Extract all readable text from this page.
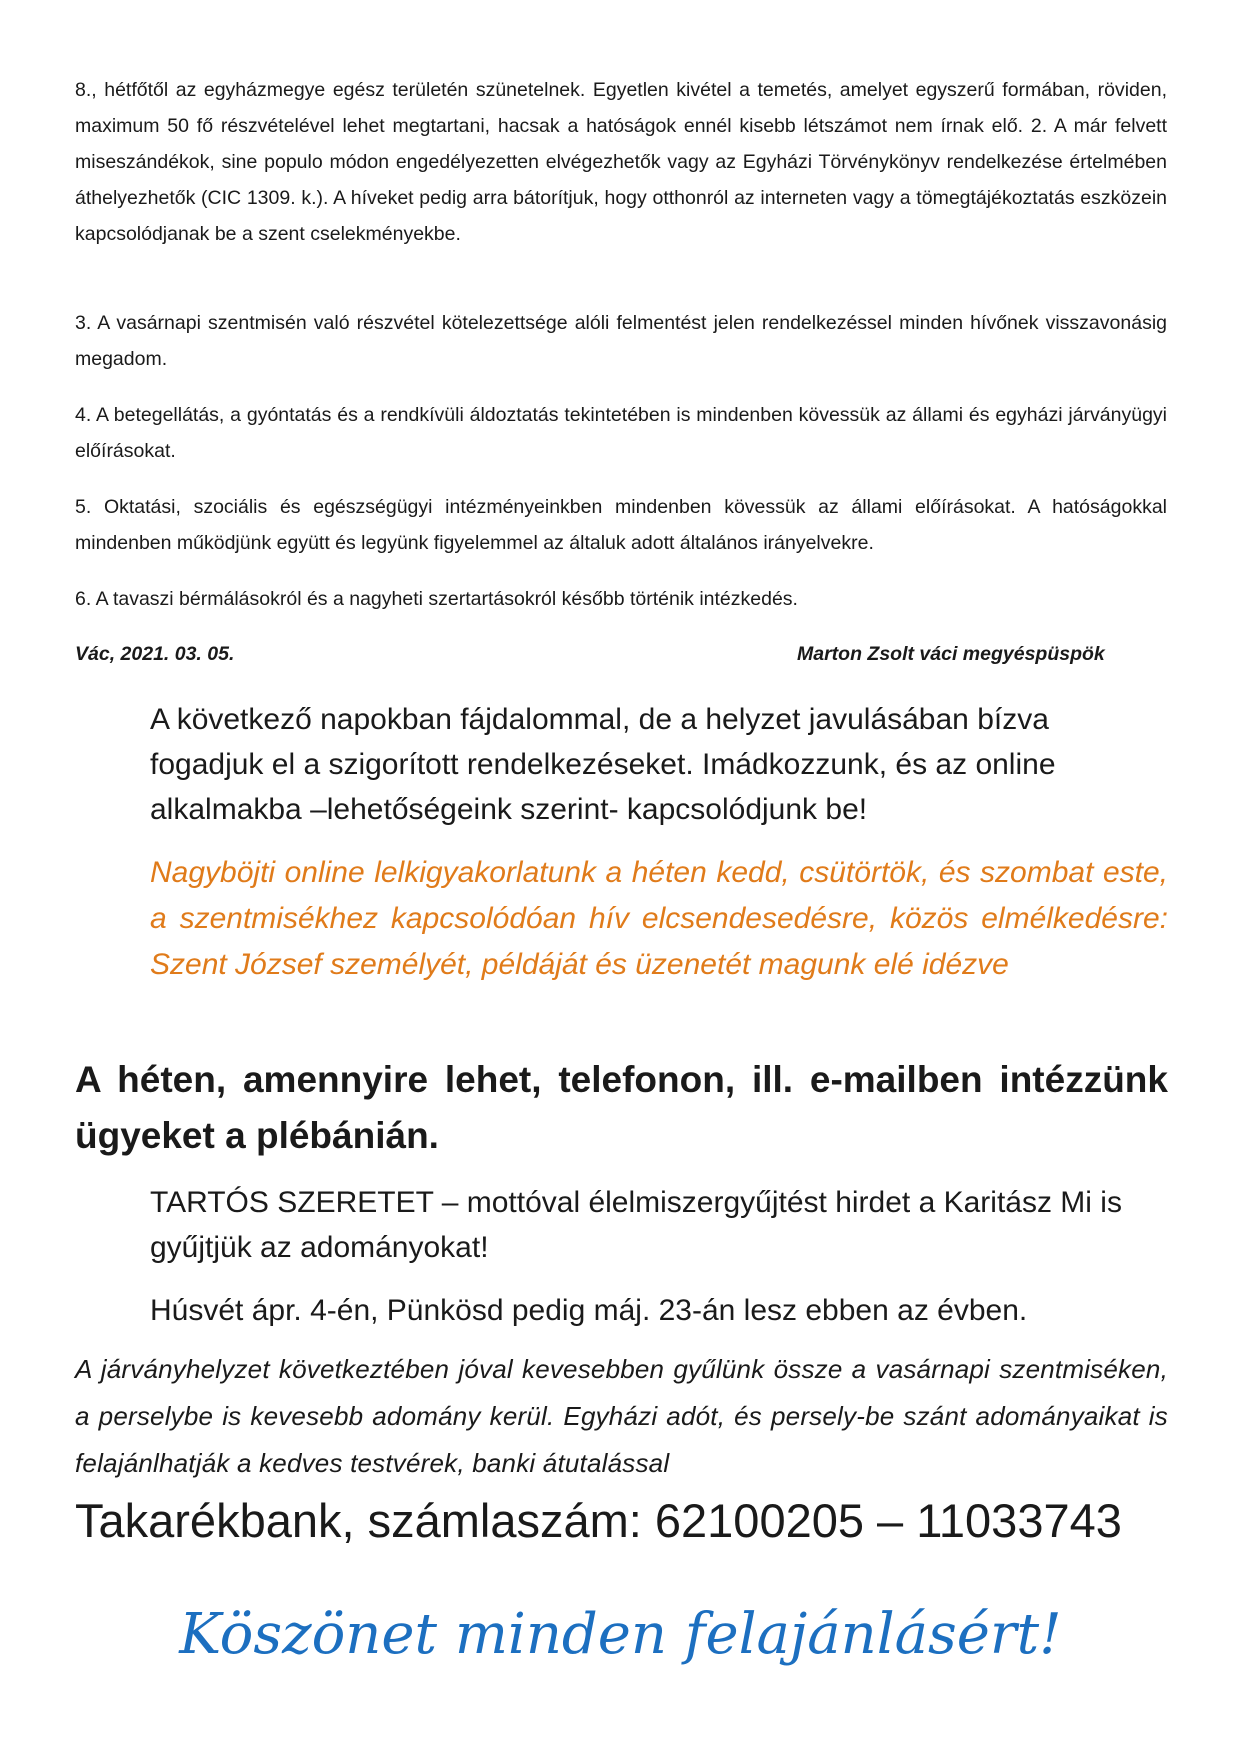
8., hétfőtől az egyházmegye egész területén szünetelnek. Egyetlen kivétel a temetés, amelyet egyszerű formában, röviden, maximum 50 fő részvételével lehet megtartani, hacsak a hatóságok ennél kisebb létszámot nem írnak elő. 2. A már felvett miseszándékok, sine populo módon engedélyezetten elvégezhetők vagy az Egyházi Törvénykönyv rendelkezése értelmében áthelyezhetők (CIC 1309. k.). A híveket pedig arra bátorítjuk, hogy otthonról az interneten vagy a tömegtájékoztatás eszközein kapcsolódjanak be a szent cselekményekbe.

3. A vasárnapi szentmisén való részvétel kötelezettsége alóli felmentést jelen rendelkezéssel minden hívőnek visszavonásig megadom.

4. A betegellátás, a gyóntatás és a rendkívüli áldoztatás tekintetében is mindenben kövessük az állami és egyházi járványügyi előírásokat.

5. Oktatási, szociális és egészségügyi intézményeinkben mindenben kövessük az állami előírásokat. A hatóságokkal mindenben működjünk együtt és legyünk figyelemmel az általuk adott általános irányelvekre.

6. A tavaszi bérmálásokról és a nagyheti szertartásokról később történik intézkedés.

Vác, 2021. 03. 05.	Marton Zsolt váci megyéspüspök

A következő napokban fájdalommal, de a helyzet javulásában bízva fogadjuk el a szigorított rendelkezéseket. Imádkozzunk, és az online alkalmakba –lehetőségeink szerint- kapcsolódjunk be!

Nagyböjti online lelkigyakorlatunk a héten kedd, csütörtök, és szombat este, a szentmisékhez kapcsolódóan hív elcsendesedésre, közös elmélkedésre: Szent József személyét, példáját és üzenetét magunk elé idézve

A héten, amennyire lehet, telefonon, ill. e-mailben intézzünk ügyeket a plébánián.

TARTÓS SZERETET – mottóval élelmiszergyűjtést hirdet a Karitász Mi is gyűjtjük az adományokat!

Húsvét ápr. 4-én, Pünkösd pedig máj. 23-án lesz ebben az évben.

A járványhelyzet következtében jóval kevesebben gyűlünk össze a vasárnapi szentmiséken, a perselybe is kevesebb adomány kerül. Egyházi adót, és persely-be szánt adományaikat is felajánlhatják a kedves testvérek, banki átutalással

Takarékbank, számlaszám: 62100205 – 11033743

Köszönet minden felajánlásért!
